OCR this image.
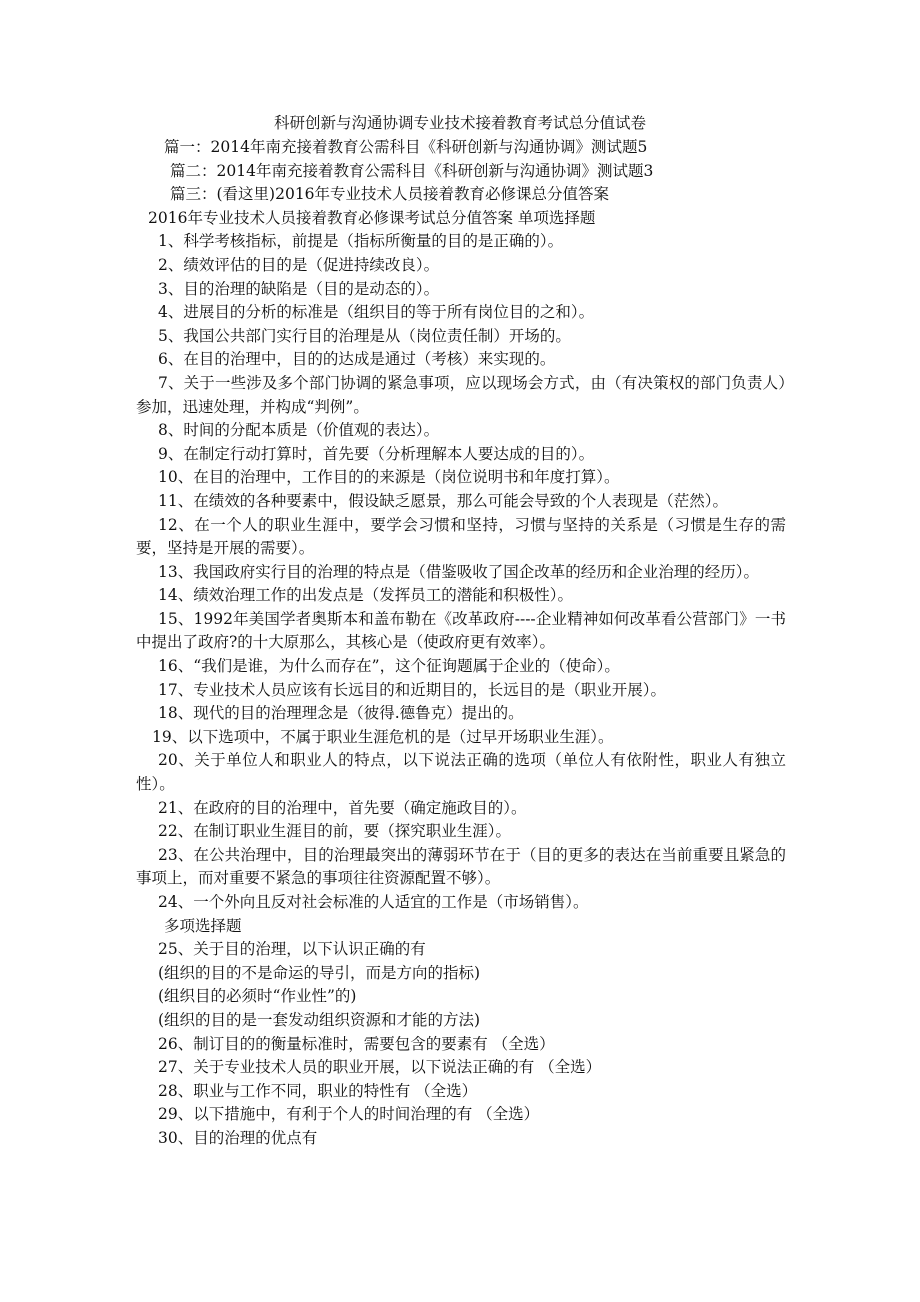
科研创新与沟通协调专业技术接着教育考试总分值试卷

篇一：2014年南充接着教育公需科目《科研创新与沟通协调》测试题5

篇二：2014年南充接着教育公需科目《科研创新与沟通协调》测试题3

篇三：(看这里)2016年专业技术人员接着教育必修课总分值答案

2016年专业技术人员接着教育必修课考试总分值答案 单项选择题

1、科学考核指标，前提是（指标所衡量的目的是正确的）。

2、绩效评估的目的是（促进持续改良）。

3、目的治理的缺陷是（目的是动态的）。

4、进展目的分析的标准是（组织目的等于所有岗位目的之和）。

5、我国公共部门实行目的治理是从（岗位责任制）开场的。

6、在目的治理中，目的的达成是通过（考核）来实现的。

7、关于一些涉及多个部门协调的紧急事项，应以现场会方式，由（有决策权的部门负责人）参加，迅速处理，并构成“判例”。

8、时间的分配本质是（价值观的表达）。

9、在制定行动打算时，首先要（分析理解本人要达成的目的）。

10、在目的治理中，工作目的的来源是（岗位说明书和年度打算）。

11、在绩效的各种要素中，假设缺乏愿景，那么可能会导致的个人表现是（茫然）。

12、在一个人的职业生涯中，要学会习惯和坚持，习惯与坚持的关系是（习惯是生存的需要，坚持是开展的需要）。

13、我国政府实行目的治理的特点是（借鉴吸收了国企改革的经历和企业治理的经历）。

14、绩效治理工作的出发点是（发挥员工的潜能和积极性）。

15、1992年美国学者奥斯本和盖布勒在《改革政府----企业精神如何改革看公营部门》一书中提出了政府?的十大原那么，其核心是（使政府更有效率）。

16、“我们是谁，为什么而存在”，这个征询题属于企业的（使命）。

17、专业技术人员应该有长远目的和近期目的，长远目的是（职业开展）。

18、现代的目的治理理念是（彼得.德鲁克）提出的。

19、以下选项中，不属于职业生涯危机的是（过早开场职业生涯）。

20、关于单位人和职业人的特点，以下说法正确的选项（单位人有依附性，职业人有独立性）。

21、在政府的目的治理中，首先要（确定施政目的）。

22、在制订职业生涯目的前，要（探究职业生涯）。

23、在公共治理中，目的治理最突出的薄弱环节在于（目的更多的表达在当前重要且紧急的事项上，而对重要不紧急的事项往往资源配置不够）。

24、一个外向且反对社会标准的人适宜的工作是（市场销售）。

多项选择题

25、关于目的治理，以下认识正确的有

(组织的目的不是命运的导引，而是方向的指标)

(组织目的必须时“作业性”的)

(组织的目的是一套发动组织资源和才能的方法)

26、制订目的的衡量标准时，需要包含的要素有 （全选）

27、关于专业技术人员的职业开展，以下说法正确的有 （全选）

28、职业与工作不同，职业的特性有 （全选）

29、以下措施中，有利于个人的时间治理的有 （全选）

30、目的治理的优点有
